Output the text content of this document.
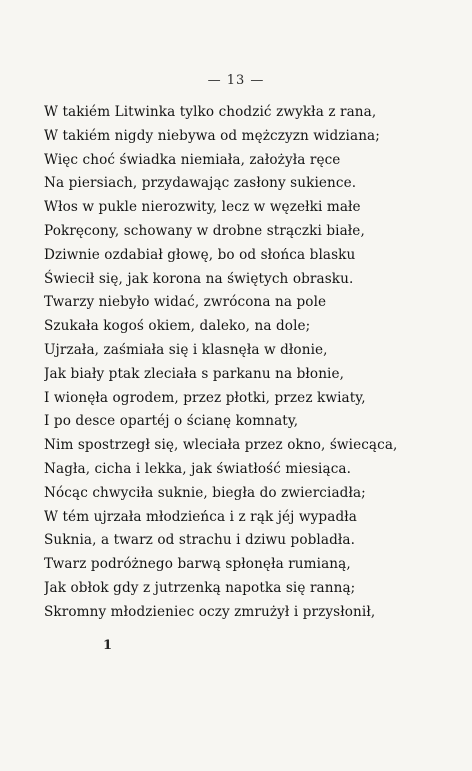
— 13 —
W takiém Litwinka tylko chodzić zwykła z rana,
W takiém nigdy niebywa od mężczyzn widziana;
Więc choć świadka niemiała, założyła ręce
Na piersiach, przydawając zasłony sukience.
Włos w pukle nierozwity, lecz w węzełki małe
Pokręcony, schowany w drobne strączki białe,
Dziwnie ozdabiał głowę, bo od słońca blasku
Świecił się, jak korona na świętych obrasku.
Twarzy niebyło widać, zwrócona na pole
Szukała kogoś okiem, daleko, na dole;
Ujrzała, zaśmiała się i klasnęła w dłonie,
Jak biały ptak zleciała s parkanu na błonie,
I wionęła ogrodem, przez płotki, przez kwiaty,
I po desce opartéj o ścianę komnaty,
Nim spostrzegł się, wleciała przez okno, świecąca,
Nagła, cicha i lekka, jak światłość miesiąca.
Nócąc chwyciła suknie, biegła do zwierciadła;
W tém ujrzała młodzieńca i z rąk jéj wypadła
Suknia, a twarz od strachu i dziwu pobladła.
Twarz podróżnego barwą spłonęła rumianą,
Jak obłok gdy z jutrzenką napotka się ranną;
Skromny młodzieniec oczy zmrużył i przysłonił,
1
